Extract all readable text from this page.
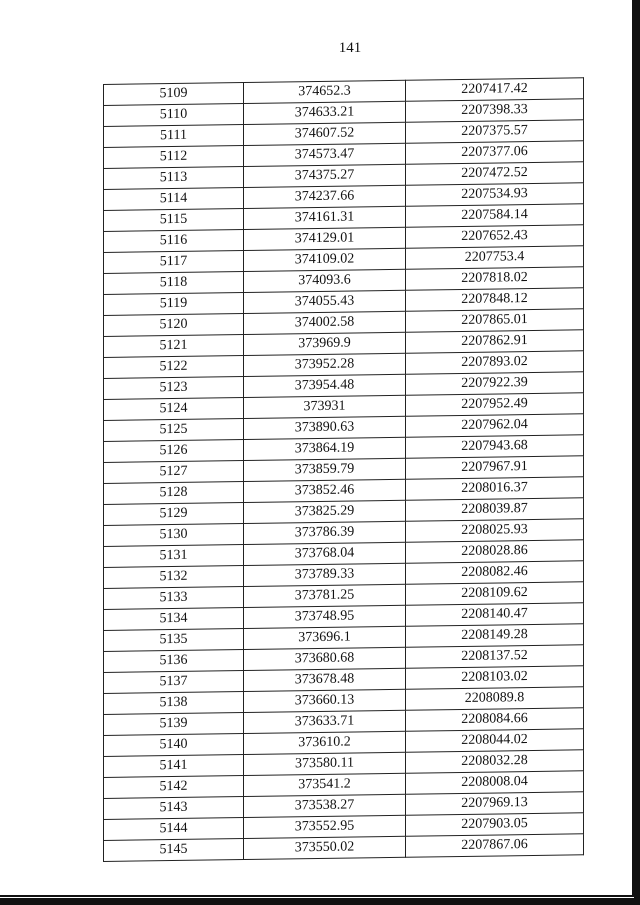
141
5109	374652.3	2207417.42
5110	374633.21	2207398.33
5111	374607.52	2207375.57
5112	374573.47	2207377.06
5113	374375.27	2207472.52
5114	374237.66	2207534.93
5115	374161.31	2207584.14
5116	374129.01	2207652.43
5117	374109.02	2207753.4
5118	374093.6	2207818.02
5119	374055.43	2207848.12
5120	374002.58	2207865.01
5121	373969.9	2207862.91
5122	373952.28	2207893.02
5123	373954.48	2207922.39
5124	373931	2207952.49
5125	373890.63	2207962.04
5126	373864.19	2207943.68
5127	373859.79	2207967.91
5128	373852.46	2208016.37
5129	373825.29	2208039.87
5130	373786.39	2208025.93
5131	373768.04	2208028.86
5132	373789.33	2208082.46
5133	373781.25	2208109.62
5134	373748.95	2208140.47
5135	373696.1	2208149.28
5136	373680.68	2208137.52
5137	373678.48	2208103.02
5138	373660.13	2208089.8
5139	373633.71	2208084.66
5140	373610.2	2208044.02
5141	373580.11	2208032.28
5142	373541.2	2208008.04
5143	373538.27	2207969.13
5144	373552.95	2207903.05
5145	373550.02	2207867.06
